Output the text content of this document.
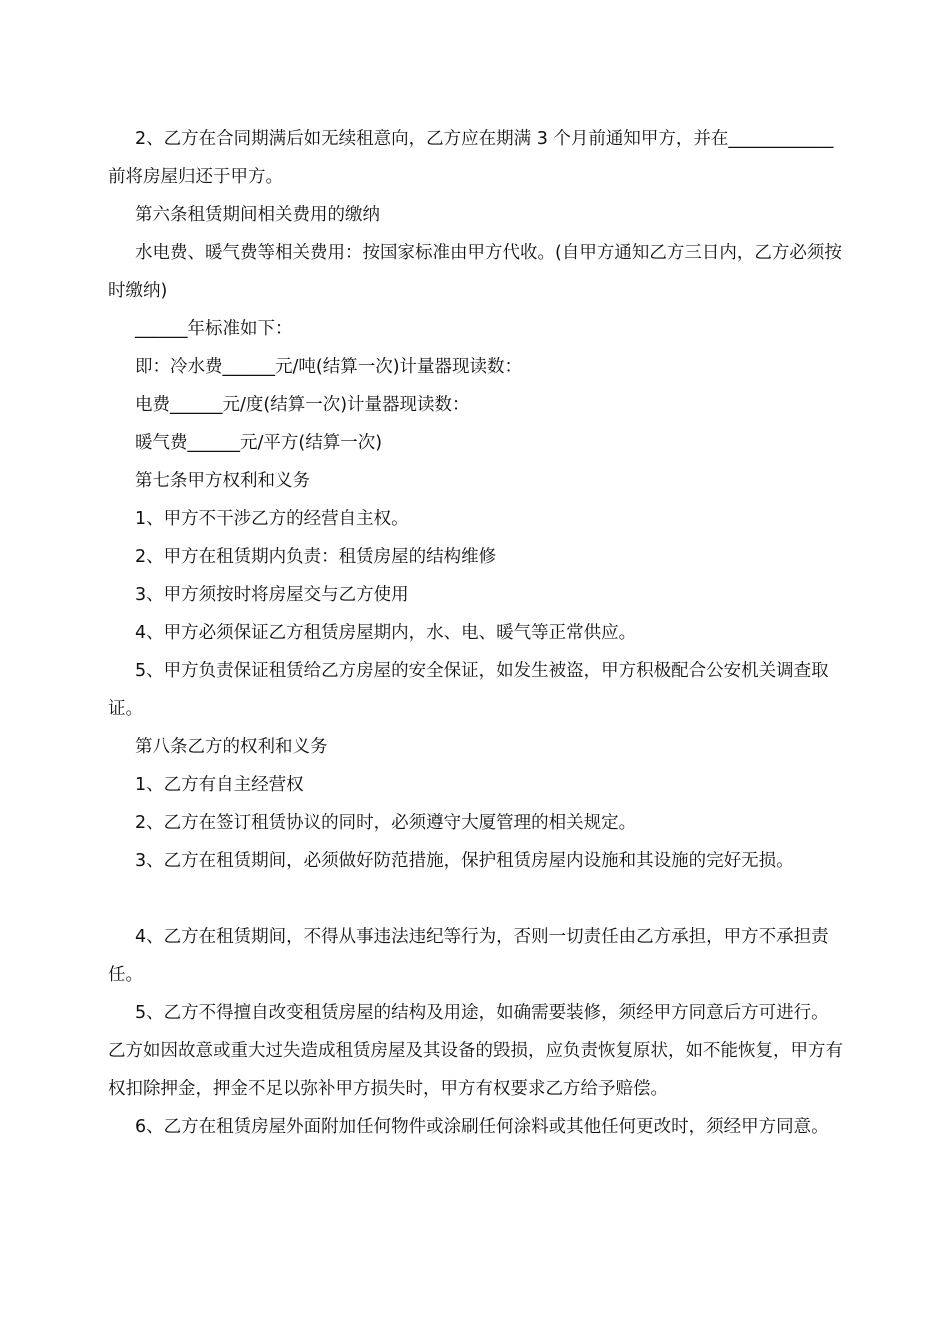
2、乙方在合同期满后如无续租意向，乙方应在期满 3 个月前通知甲方，并在____________前将房屋归还于甲方。

第六条租赁期间相关费用的缴纳

水电费、暖气费等相关费用：按国家标准由甲方代收。(自甲方通知乙方三日内，乙方必须按时缴纳)

______年标准如下：

即：冷水费______元/吨(结算一次)计量器现读数：

电费______元/度(结算一次)计量器现读数：

暖气费______元/平方(结算一次)

第七条甲方权利和义务

1、甲方不干涉乙方的经营自主权。

2、甲方在租赁期内负责：租赁房屋的结构维修

3、甲方须按时将房屋交与乙方使用

4、甲方必须保证乙方租赁房屋期内，水、电、暖气等正常供应。

5、甲方负责保证租赁给乙方房屋的安全保证，如发生被盗，甲方积极配合公安机关调查取证。

第八条乙方的权利和义务

1、乙方有自主经营权

2、乙方在签订租赁协议的同时，必须遵守大厦管理的相关规定。

3、乙方在租赁期间，必须做好防范措施，保护租赁房屋内设施和其设施的完好无损。

4、乙方在租赁期间，不得从事违法违纪等行为，否则一切责任由乙方承担，甲方不承担责任。

5、乙方不得擅自改变租赁房屋的结构及用途，如确需要装修，须经甲方同意后方可进行。乙方如因故意或重大过失造成租赁房屋及其设备的毁损，应负责恢复原状，如不能恢复，甲方有权扣除押金，押金不足以弥补甲方损失时，甲方有权要求乙方给予赔偿。

6、乙方在租赁房屋外面附加任何物件或涂刷任何涂料或其他任何更改时，须经甲方同意。
